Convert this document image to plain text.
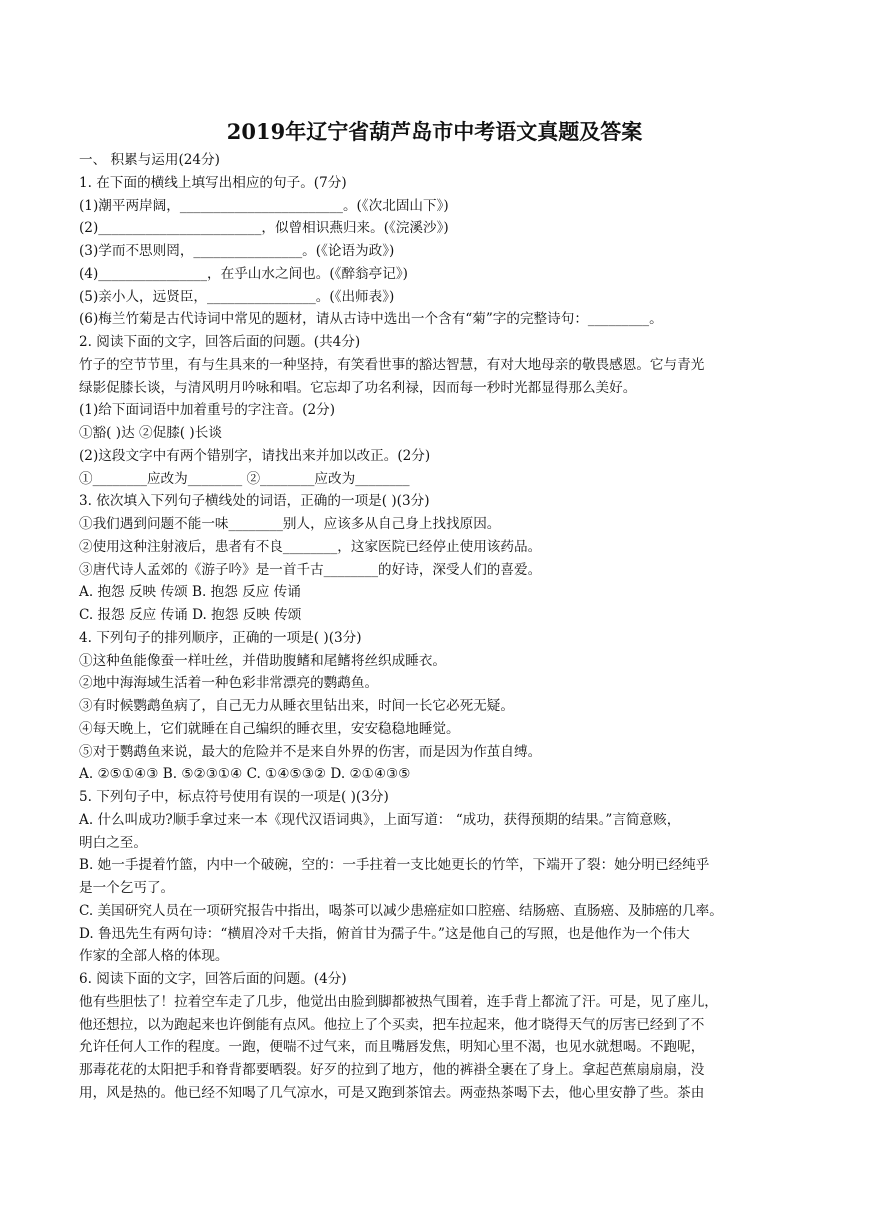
2019年辽宁省葫芦岛市中考语文真题及答案
一、 积累与运用(24分)
1. 在下面的横线上填写出相应的句子。(7分)
(1)潮平两岸阔，________________________。(《次北固山下》)
(2)________________________，似曾相识燕归来。(《浣溪沙》)
(3)学而不思则罔，________________。(《论语为政》)
(4)________________，在乎山水之间也。(《醉翁亭记》)
(5)亲小人，远贤臣，________________。(《出师表》)
(6)梅兰竹菊是古代诗词中常见的题材，请从古诗中选出一个含有“菊”字的完整诗句：_________。
2. 阅读下面的文字，回答后面的问题。(共4分)
竹子的空节节里，有与生具来的一种坚持，有笑看世事的豁达智慧，有对大地母亲的敬畏感恩。它与青光
绿影促膝长谈，与清风明月吟咏和唱。它忘却了功名利禄，因而每一秒时光都显得那么美好。
(1)给下面词语中加着重号的字注音。(2分)
①豁( )达 ②促膝( )长谈
(2)这段文字中有两个错别字，请找出来并加以改正。(2分)
①________应改为________ ②________应改为________
3. 依次填入下列句子横线处的词语，正确的一项是( )(3分)
①我们遇到问题不能一味________别人，应该多从自己身上找找原因。
②使用这种注射液后，患者有不良________，这家医院已经停止使用该药品。
③唐代诗人孟郊的《游子吟》是一首千古________的好诗，深受人们的喜爱。
A. 抱怨 反映 传颂 B. 抱怨 反应 传诵
C. 报怨 反应 传诵 D. 抱怨 反映 传颂
4. 下列句子的排列顺序，正确的一项是( )(3分)
①这种鱼能像蚕一样吐丝，并借助腹鳍和尾鳍将丝织成睡衣。
②地中海海域生活着一种色彩非常漂亮的鹦鹉鱼。
③有时候鹦鹉鱼病了，自己无力从睡衣里钻出来，时间一长它必死无疑。
④每天晚上，它们就睡在自己编织的睡衣里，安安稳稳地睡觉。
⑤对于鹦鹉鱼来说，最大的危险并不是来自外界的伤害，而是因为作茧自缚。
A. ②⑤①④③ B. ⑤②③①④ C. ①④⑤③② D. ②①④③⑤
5. 下列句子中，标点符号使用有误的一项是( )(3分)
A. 什么叫成功?顺手拿过来一本《现代汉语词典》，上面写道： “成功，获得预期的结果。”言简意赅，
明白之至。
B. 她一手提着竹篮，内中一个破碗，空的：一手拄着一支比她更长的竹竿，下端开了裂：她分明已经纯乎
是一个乞丐了。
C. 美国研究人员在一项研究报告中指出，喝茶可以减少患癌症如口腔癌、结肠癌、直肠癌、及肺癌的几率。
D. 鲁迅先生有两句诗：“横眉冷对千夫指，俯首甘为孺子牛。”这是他自己的写照，也是他作为一个伟大
作家的全部人格的体现。
6. 阅读下面的文字，回答后面的问题。(4分)
他有些胆怯了！拉着空车走了几步，他觉出由脸到脚都被热气围着，连手背上都流了汗。可是，见了座儿，
他还想拉，以为跑起来也许倒能有点风。他拉上了个买卖，把车拉起来，他才晓得天气的厉害已经到了不
允许任何人工作的程度。一跑，便喘不过气来，而且嘴唇发焦，明知心里不渴，也见水就想喝。不跑呢，
那毒花花的太阳把手和脊背都要晒裂。好歹的拉到了地方，他的裤褂全裹在了身上。拿起芭蕉扇扇扇，没
用，风是热的。他已经不知喝了几气凉水，可是又跑到茶馆去。两壶热茶喝下去，他心里安静了些。茶由
